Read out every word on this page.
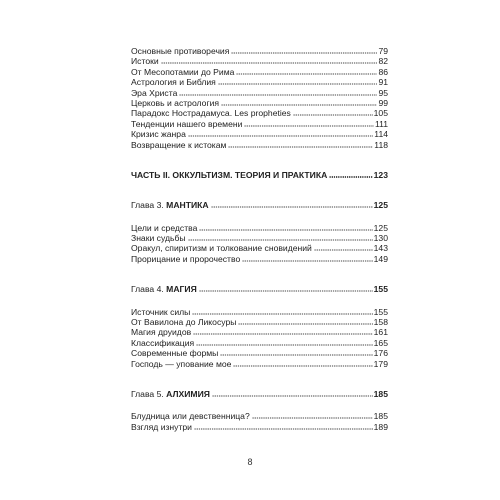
Основные противоречия	79
Истоки	82
От Месопотамии до Рима	86
Астрология и Библия	91
Эра Христа	95
Церковь и астрология	99
Парадокс Нострадамуса. Les propheties	105
Тенденции нашего времени	111
Кризис жанра	114
Возвращение к истокам	118
ЧАСТЬ II. ОККУЛЬТИЗМ. ТЕОРИЯ И ПРАКТИКА	123
Глава 3. МАНТИКА	125
Цели и средства	125
Знаки судьбы	130
Оракул, спиритизм и толкование сновидений	143
Прорицание и пророчество	149
Глава 4. МАГИЯ	155
Источник силы	155
От Вавилона до Ликосуры	158
Магия друидов	161
Классификация	165
Современные формы	176
Господь — упование мое	179
Глава 5. АЛХИМИЯ	185
Блудница или девственница?	185
Взгляд изнутри	189
8
